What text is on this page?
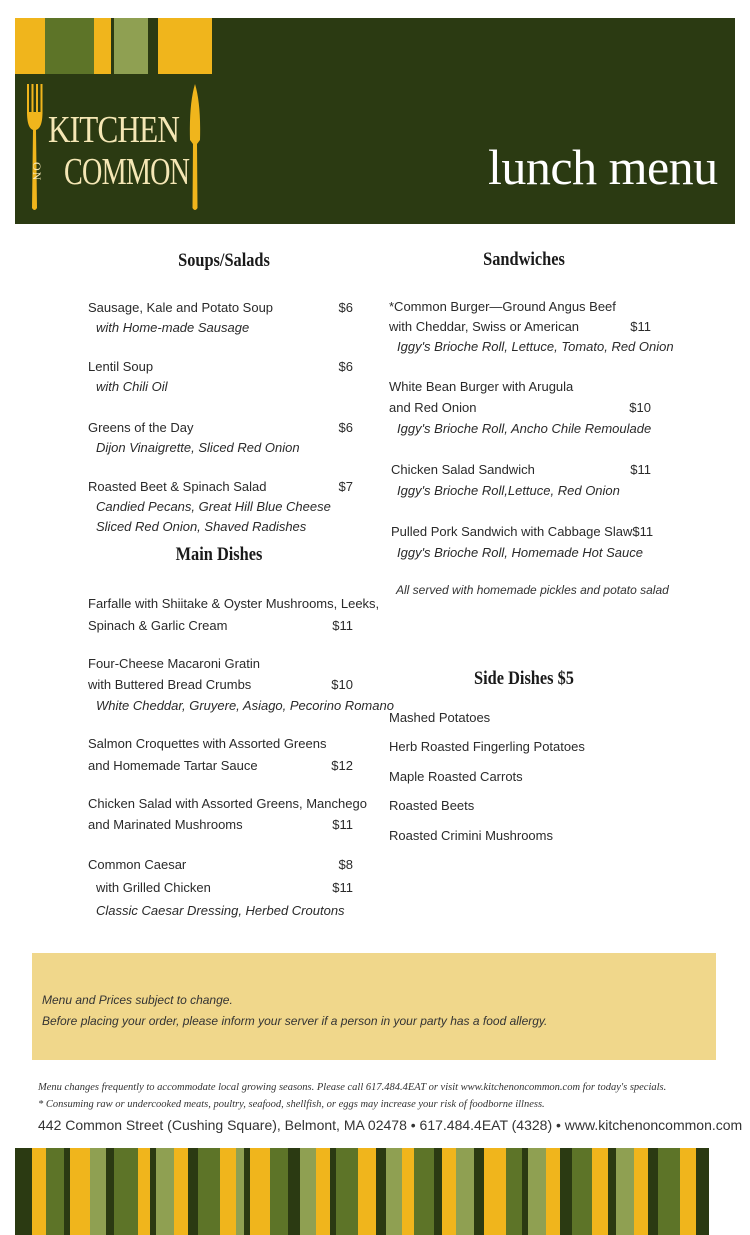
KITCHEN
ON COMMON	lunch menu
Soups/Salads
Sausage, Kale and Potato Soup	$6
with Home-made Sausage
Lentil Soup	$6
with Chili Oil
Greens of the Day	$6
Dijon Vinaigrette, Sliced Red Onion
Roasted Beet & Spinach Salad	$7
Candied Pecans, Great Hill Blue Cheese
Sliced Red Onion, Shaved Radishes
Main Dishes
Farfalle with Shiitake & Oyster Mushrooms, Leeks,
Spinach & Garlic Cream	$11
Four-Cheese Macaroni Gratin
with Buttered Bread Crumbs	$10
White Cheddar, Gruyere, Asiago, Pecorino Romano
Salmon Croquettes with Assorted Greens
and Homemade Tartar Sauce	$12
Chicken Salad with Assorted Greens, Manchego
and Marinated Mushrooms	$11
Common Caesar	$8
with Grilled Chicken	$11
Classic Caesar Dressing, Herbed Croutons
Sandwiches
*Common Burger—Ground Angus Beef
with Cheddar, Swiss or American	$11
Iggy's Brioche Roll, Lettuce, Tomato, Red Onion
White Bean Burger with Arugula
and Red Onion	$10
Iggy's Brioche Roll, Ancho Chile Remoulade
Chicken Salad Sandwich	$11
Iggy's Brioche Roll,Lettuce, Red Onion
Pulled Pork Sandwich with Cabbage Slaw $11
Iggy's Brioche Roll, Homemade Hot Sauce
All served with homemade pickles and potato salad
Side Dishes $5
Mashed Potatoes
Herb Roasted Fingerling Potatoes
Maple Roasted Carrots
Roasted Beets
Roasted Crimini Mushrooms
Menu and Prices subject to change.
Before placing your order, please inform your server if a person in your party has a food allergy.
Menu changes frequently to accommodate local growing seasons. Please call 617.484.4EAT or visit www.kitchenoncommon.com for today's specials.
* Consuming raw or undercooked meats, poultry, seafood, shellfish, or eggs may increase your risk of foodborne illness.
442 Common Street (Cushing Square), Belmont, MA 02478 • 617.484.4EAT (4328) • www.kitchenoncommon.com
